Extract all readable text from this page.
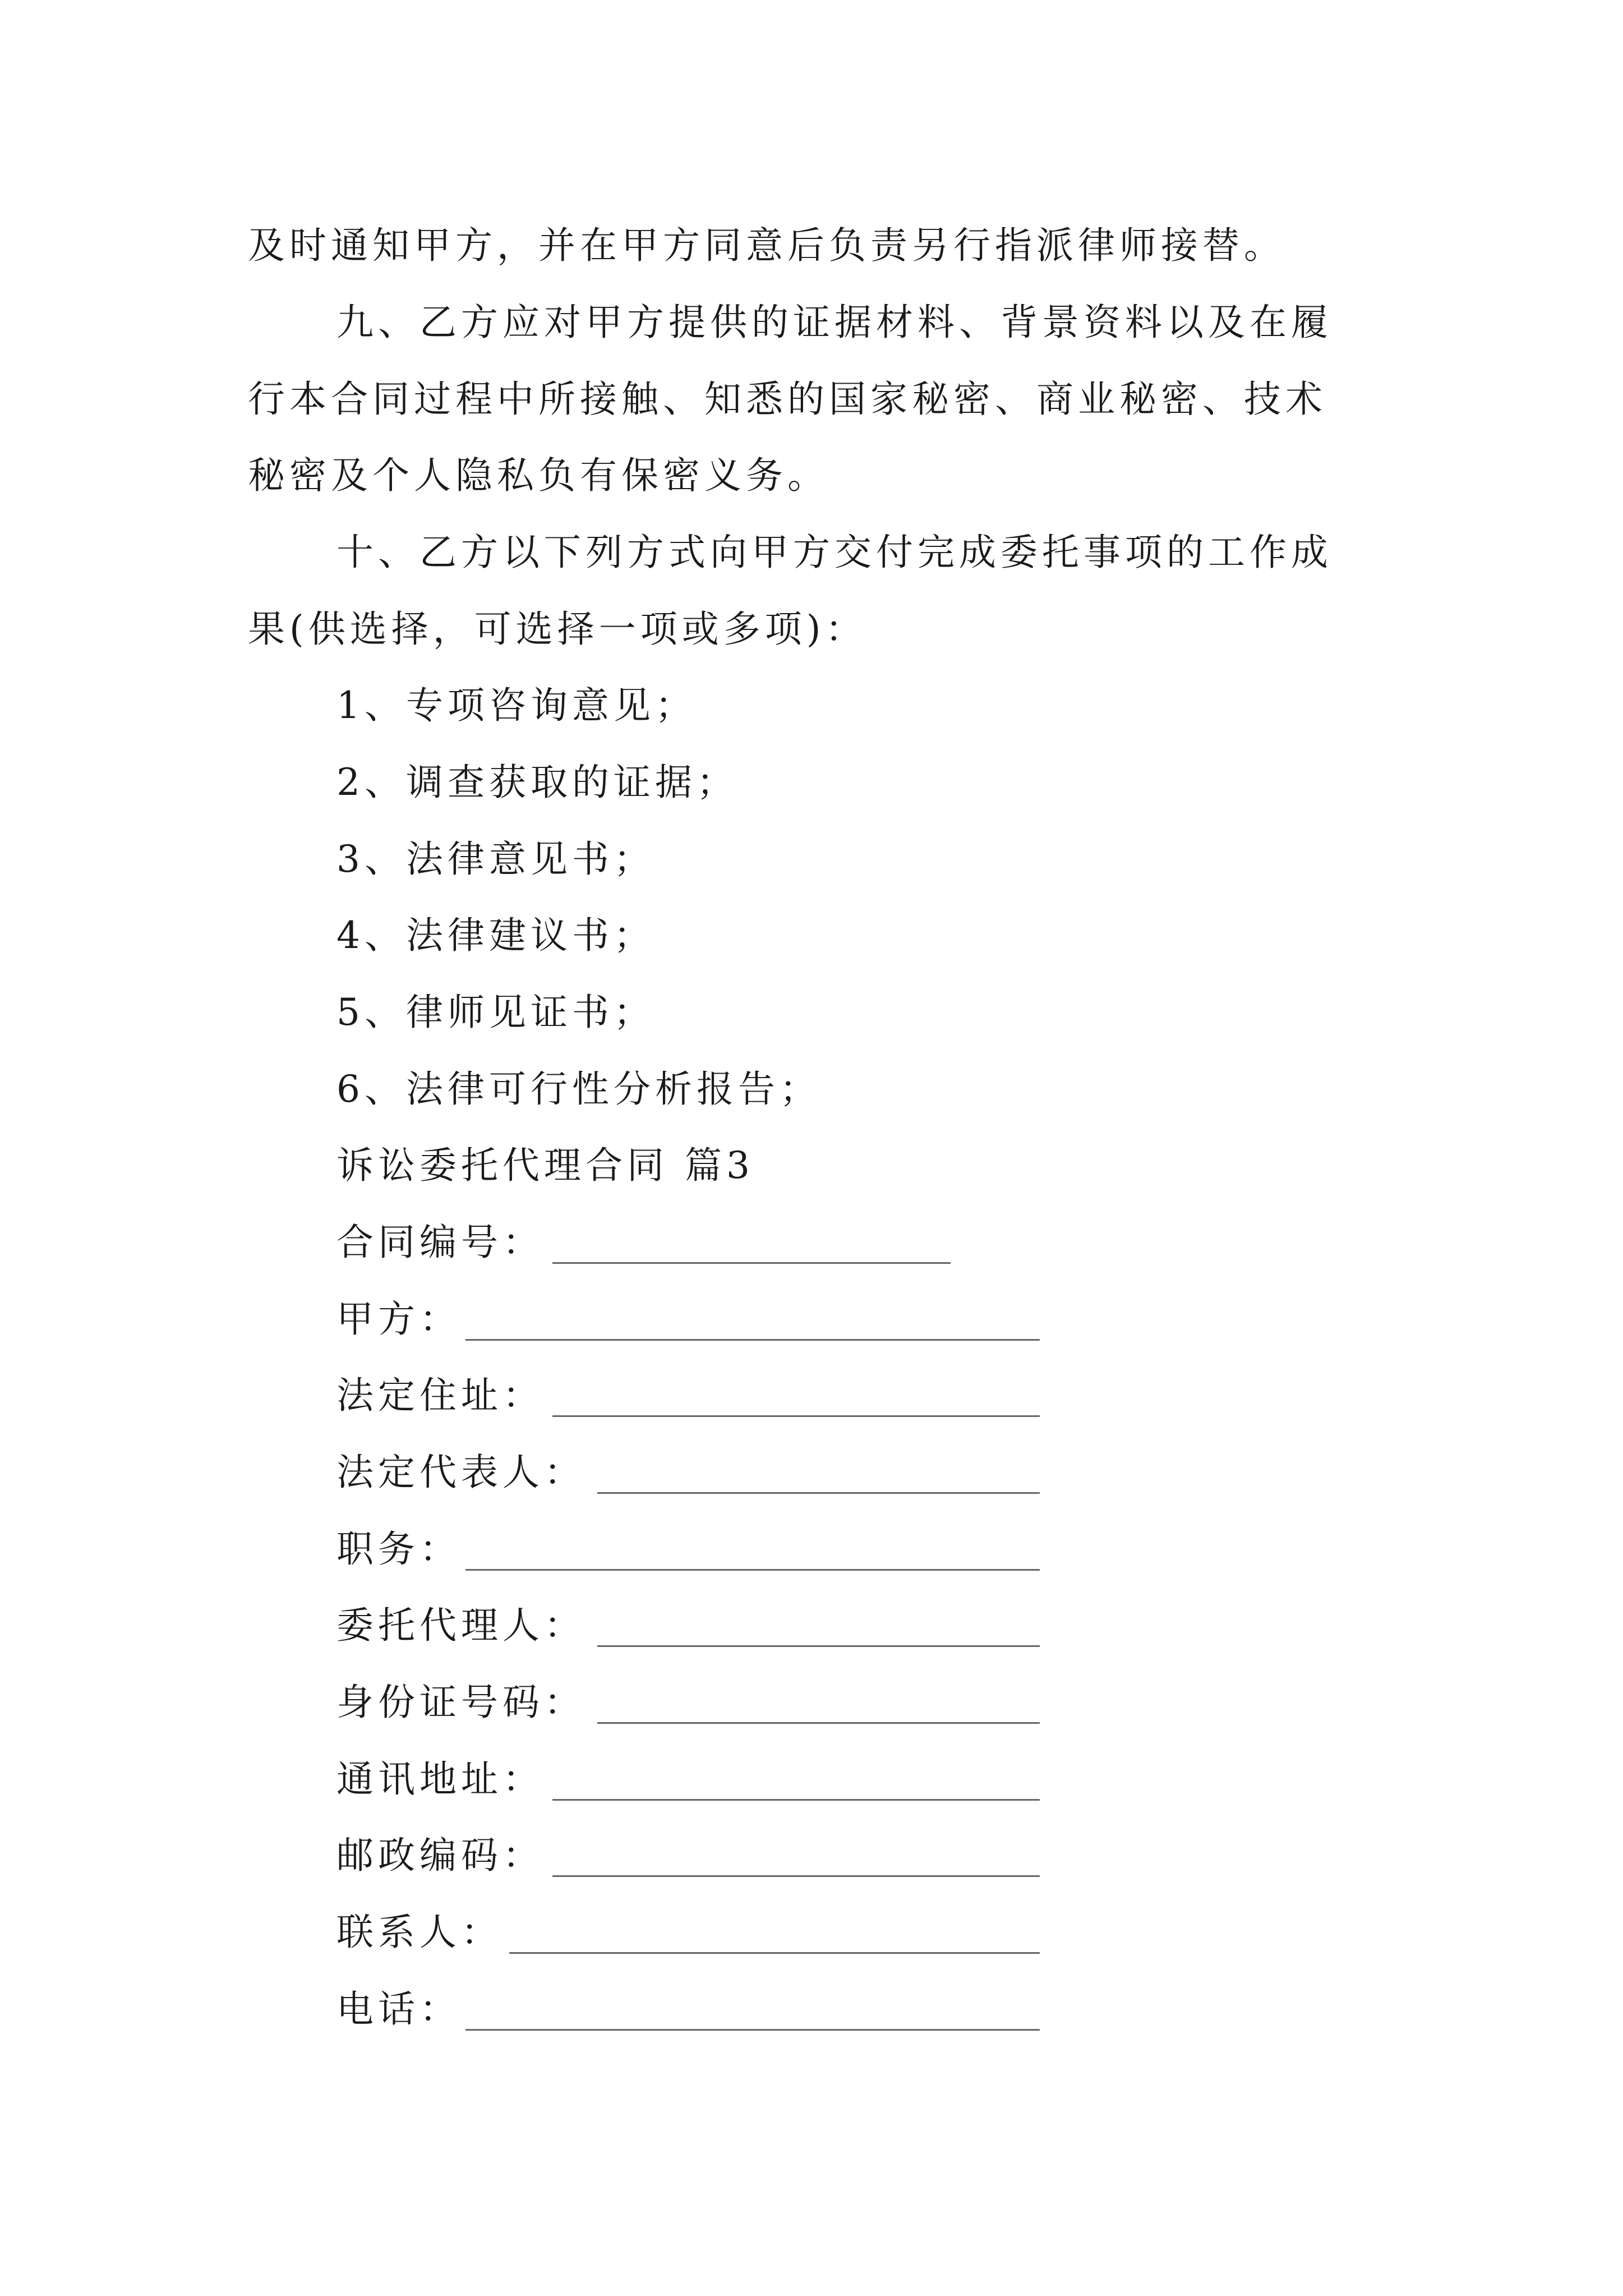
及时通知甲方，并在甲方同意后负责另行指派律师接替。
九、乙方应对甲方提供的证据材料、背景资料以及在履
行本合同过程中所接触、知悉的国家秘密、商业秘密、技术
秘密及个人隐私负有保密义务。
十、乙方以下列方式向甲方交付完成委托事项的工作成
果(供选择，可选择一项或多项)：
1、专项咨询意见；
2、调查获取的证据；
3、法律意见书；
4、法律建议书；
5、律师见证书；
6、法律可行性分析报告；
诉讼委托代理合同 篇3
合同编号：
甲方：
法定住址：
法定代表人：
职务：
委托代理人：
身份证号码：
通讯地址：
邮政编码：
联系人：
电话：
